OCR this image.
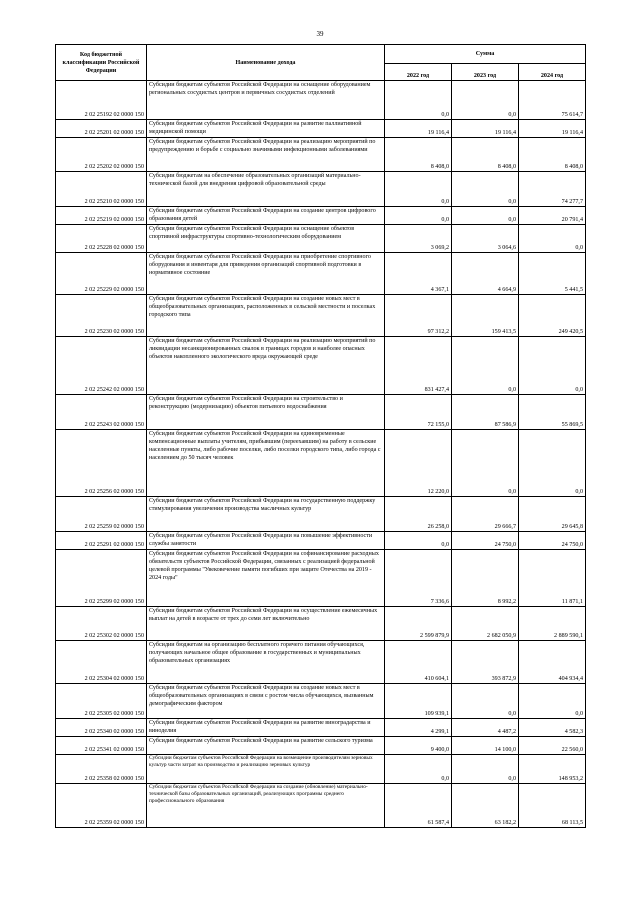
39
Код бюджетной классификации Российской Федерации	Наименование дохода	Сумма		
		2022 год	2023 год	2024 год
2 02 25192 02 0000 150	Субсидии бюджетам субъектов Российской Федерации на оснащение оборудованием региональных сосудистых центров и первичных сосудистых отделений	0,0	0,0	75 614,7
2 02 25201 02 0000 150	Субсидии бюджетам субъектов Российской Федерации на развитие паллиативной медицинской помощи	19 116,4	19 116,4	19 116,4
2 02 25202 02 0000 150	Субсидии бюджетам субъектов Российской Федерации на реализацию мероприятий по предупреждению и борьбе с социально значимыми инфекционными заболеваниями	8 408,0	8 408,0	8 408,0
2 02 25210 02 0000 150	Субсидии бюджетам на обеспечение образовательных организаций материально-технической базой для внедрения цифровой образовательной среды	0,0	0,0	74 277,7
2 02 25219 02 0000 150	Субсидии бюджетам субъектов Российской Федерации на создание центров цифрового образования детей	0,0	0,0	20 791,4
2 02 25228 02 0000 150	Субсидии бюджетам субъектов Российской Федерации на оснащение объектов спортивной инфраструктуры спортивно-технологическим оборудованием	3 069,2	3 064,6	0,0
2 02 25229 02 0000 150	Субсидии бюджетам субъектов Российской Федерации на приобретение спортивного оборудования и инвентаря для приведения организаций спортивной подготовки в нормативное состояние	4 367,1	4 664,9	5 441,5
2 02 25230 02 0000 150	Субсидии бюджетам субъектов Российской Федерации на создание новых мест в общеобразовательных организациях, расположенных в сельской местности и поселках городского типа	97 312,2	159 413,5	249 420,5
2 02 25242 02 0000 150	Субсидии бюджетам субъектов Российской Федерации на реализацию мероприятий по ликвидации несанкционированных свалок в границах городов и наиболее опасных объектов накопленного экологического вреда окружающей среде	831 427,4	0,0	0,0
2 02 25243 02 0000 150	Субсидии бюджетам субъектов Российской Федерации на строительство и реконструкцию (модернизацию) объектов питьевого водоснабжения	72 155,0	87 586,9	55 869,5
2 02 25256 02 0000 150	Субсидии бюджетам субъектов Российской Федерации на единовременные компенсационные выплаты учителям, прибывшим (переехавшим) на работу в сельские населенные пункты, либо рабочие поселки, либо поселки городского типа, либо города с населением до 50 тысяч человек	12 220,0	0,0	0,0
2 02 25259 02 0000 150	Субсидии бюджетам субъектов Российской Федерации на государственную поддержку стимулирования увеличения производства масличных культур	26 258,0	29 666,7	29 645,8
2 02 25291 02 0000 150	Субсидии бюджетам субъектов Российской Федерации на повышение эффективности службы занятости	0,0	24 750,0	24 750,0
2 02 25299 02 0000 150	Субсидии бюджетам субъектов Российской Федерации на софинансирование расходных обязательств субъектов Российской Федерации, связанных с реализацией федеральной целевой программы "Увековечение памяти погибших при защите Отечества на 2019 - 2024 годы"	7 336,6	8 992,2	11 871,1
2 02 25302 02 0000 150	Субсидии бюджетам субъектов Российской Федерации на осуществление ежемесячных выплат на детей в возрасте от трех до семи лет включительно	2 599 879,9	2 682 050,9	2 889 590,1
2 02 25304 02 0000 150	Субсидии бюджетам на организацию бесплатного горячего питания обучающихся, получающих начальное общее образование в государственных и муниципальных образовательных организациях	410 604,1	393 872,9	404 934,4
2 02 25305 02 0000 150	Субсидии бюджетам субъектов Российской Федерации на создание новых мест в общеобразовательных организациях в связи с ростом числа обучающихся, вызванным демографическим фактором	109 939,1	0,0	0,0
2 02 25340 02 0000 150	Субсидии бюджетам субъектов Российской Федерации на развитие виноградарства и виноделия	4 299,1	4 487,2	4 582,3
2 02 25341 02 0000 150	Субсидии бюджетам субъектов Российской Федерации на развитие сельского туризма	9 400,0	14 100,0	22 560,0
2 02 25358 02 0000 150	Субсидии бюджетам субъектов Российской Федерации на возмещение производителям зерновых культур части затрат на производство и реализацию зерновых культур	0,0	0,0	148 953,2
2 02 25359 02 0000 150	Субсидии бюджетам субъектов Российской Федерации на создание (обновление) материально-технической базы образовательных организаций, реализующих программы среднего профессионального образования	61 587,4	63 182,2	68 113,5
